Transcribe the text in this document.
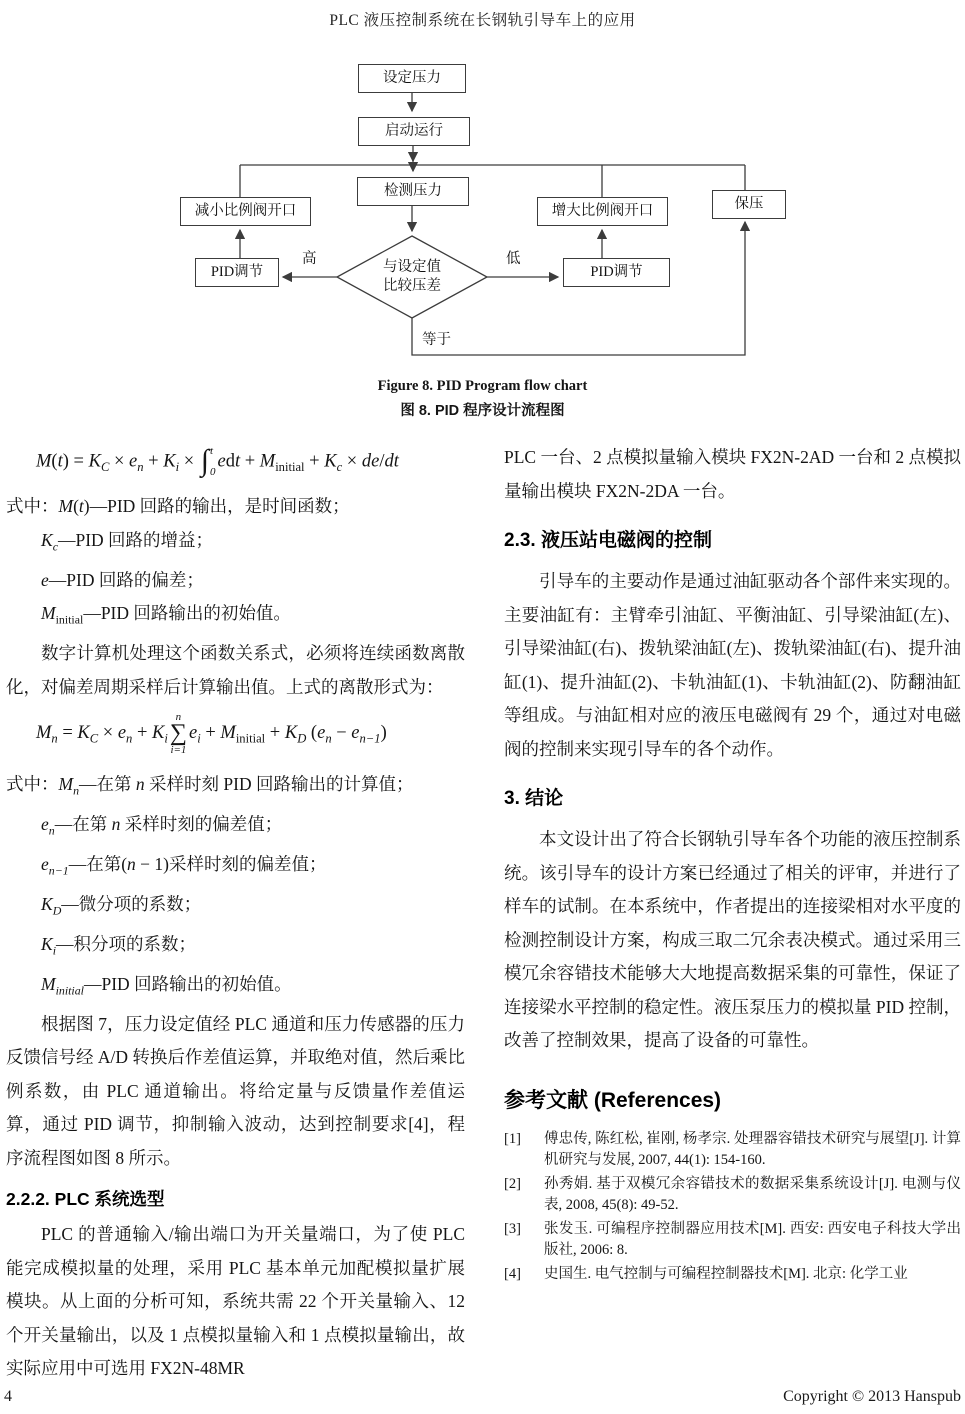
PLC 液压控制系统在长钢轨引导车上的应用
设定压力
启动运行
检测压力
减小比例阀开口	增大比例阀开口	保压
PID调节	PID调节
与设定值
比较压差
高	低
等于
Figure 8. PID Program flow chart
图 8. PID 程序设计流程图
$M(t) = K_C \times e_n + K_i$ × ∫ t
0
edt + $M_{initial} + K_c \times de/dt$
式中：M(t)—PID 回路的输出，是时间函数；
$K_c—PID$ 回路的增益；
e—PID 回路的偏差；
$M_{initial}—PID$ 回路输出的初始值。

数字计算机处理这个函数关系式，必须将连续函数离散化，对偏差周期采样后计算输出值。上式的离散形式为：

$M_n = K_C \times e_n + K_i$
n
∑
i=1
$e_i + M_{initial} + K_D$ $(e_n - e_{n-1})$
式中：$M_n—$在第 n 采样时刻 PID 回路输出的计算值；
$e_n—$在第 n 采样时刻的偏差值；
$e_{n-1}—$在第(n − 1)采样时刻的偏差值；
$K_D—$微分项的系数；
$K_i—$积分项的系数；
$M_{initial}—PID$ 回路输出的初始值。

根据图 7，压力设定值经 PLC 通道和压力传感器的压力反馈信号经 A/D 转换后作差值运算，并取绝对值，然后乘比例系数，由 PLC 通道输出。将给定量与反馈量作差值运算，通过 PID 调节，抑制输入波动，达到控制要求[4]，程序流程图如图 8 所示。

2.2.2. PLC 系统选型

PLC 的普通输入/输出端口为开关量端口，为了使 PLC 能完成模拟量的处理，采用 PLC 基本单元加配模拟量扩展模块。从上面的分析可知，系统共需 22 个开关量输入、12 个开关量输出，以及 1 点模拟量输入和 1 点模拟量输出，故实际应用中可选用 FX2N-48MR

PLC 一台、2 点模拟量输入模块 FX2N-2AD 一台和 2 点模拟量输出模块 FX2N-2DA 一台。

2.3. 液压站电磁阀的控制

引导车的主要动作是通过油缸驱动各个部件来实现的。主要油缸有：主臂牵引油缸、平衡油缸、引导梁油缸(左)、引导梁油缸(右)、拨轨梁油缸(左)、拨轨梁油缸(右)、提升油缸(1)、提升油缸(2)、卡轨油缸(1)、卡轨油缸(2)、防翻油缸等组成。与油缸相对应的液压电磁阀有 29 个，通过对电磁阀的控制来实现引导车的各个动作。

3. 结论

本文设计出了符合长钢轨引导车各个功能的液压控制系统。该引导车的设计方案已经通过了相关的评审，并进行了样车的试制。在本系统中，作者提出的连接梁相对水平度的检测控制设计方案，构成三取二冗余表决模式。通过采用三模冗余容错技术能够大大地提高数据采集的可靠性，保证了连接梁水平控制的稳定性。液压泵压力的模拟量 PID 控制，改善了控制效果，提高了设备的可靠性。

参考文献 (References)
[1]	傅忠传, 陈红松, 崔刚, 杨孝宗. 处理器容错技术研究与展望[J]. 计算机研究与发展, 2007, 44(1): 154-160.
[2]	孙秀娟. 基于双模冗余容错技术的数据采集系统设计[J]. 电测与仪表, 2008, 45(8): 49-52.
[3]	张发玉. 可编程序控制器应用技术[M]. 西安: 西安电子科技大学出版社, 2006: 8.
[4]	史国生. 电气控制与可编程控制器技术[M]. 北京: 化学工业
4	Copyright © 2013 Hanspub
